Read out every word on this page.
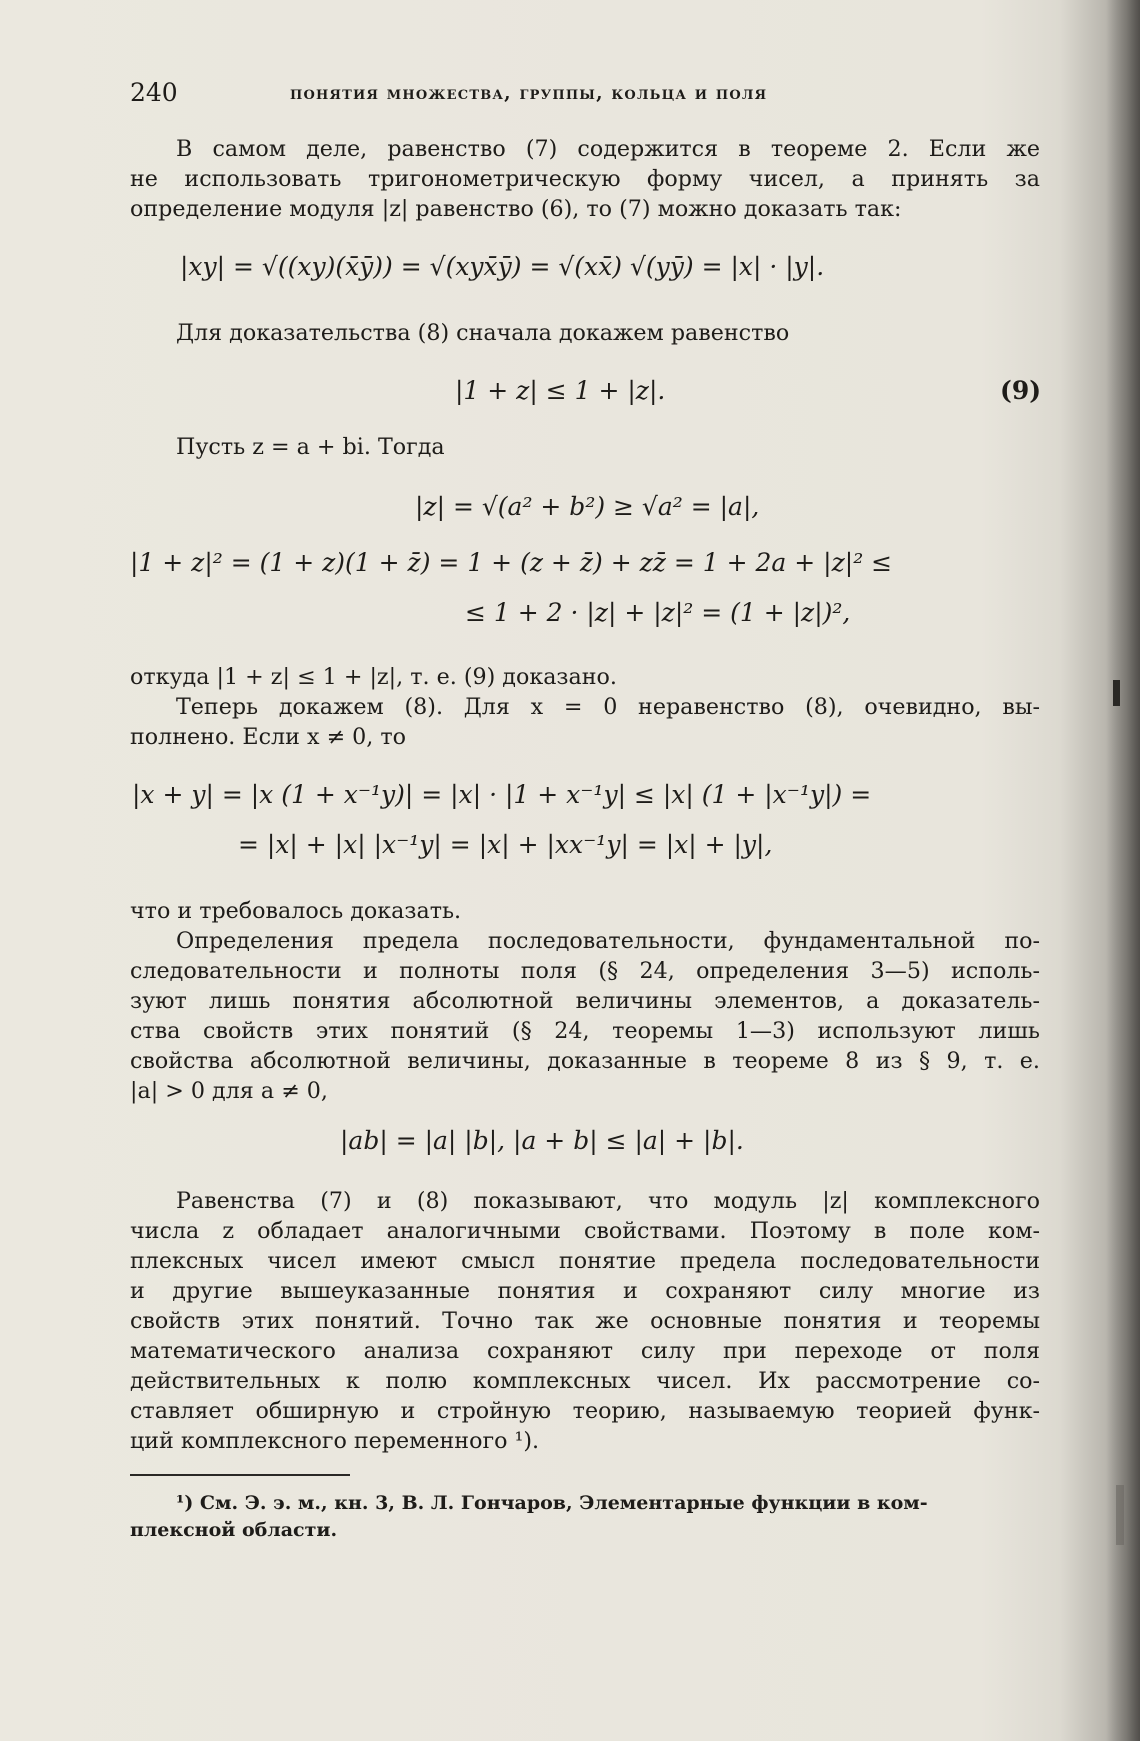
240	понятия множества, группы, кольца и поля
В самом деле, равенство (7) содержится в теореме 2. Если же
не использовать тригонометрическую форму чисел, а принять за
определение модуля |z| равенство (6), то (7) можно доказать так:
|xy| = √((xy)(x̄ȳ)) = √(xyx̄ȳ) = √(xx̄) √(yȳ) = |x| · |y|.
Для доказательства (8) сначала докажем равенство
|1 + z| ≤ 1 + |z|.	(9)
Пусть z = a + bi. Тогда
|z| = √(a² + b²) ≥ √a² = |a|,
|1 + z|² = (1 + z)(1 + z̄) = 1 + (z + z̄) + zz̄ = 1 + 2a + |z|² ≤
≤ 1 + 2 · |z| + |z|² = (1 + |z|)²,
откуда |1 + z| ≤ 1 + |z|, т. е. (9) доказано.
Теперь докажем (8). Для x = 0 неравенство (8), очевидно, вы-
полнено. Если x ≠ 0, то
|x + y| = |x (1 + x⁻¹y)| = |x| · |1 + x⁻¹y| ≤ |x| (1 + |x⁻¹y|) =
= |x| + |x| |x⁻¹y| = |x| + |xx⁻¹y| = |x| + |y|,
что и требовалось доказать.
Определения предела последовательности, фундаментальной по-
следовательности и полноты поля (§ 24, определения 3—5) исполь-
зуют лишь понятия абсолютной величины элементов, а доказатель-
ства свойств этих понятий (§ 24, теоремы 1—3) используют лишь
свойства абсолютной величины, доказанные в теореме 8 из § 9, т. е.
|a| > 0 для a ≠ 0,
|ab| = |a| |b|, |a + b| ≤ |a| + |b|.
Равенства (7) и (8) показывают, что модуль |z| комплексного
числа z обладает аналогичными свойствами. Поэтому в поле ком-
плексных чисел имеют смысл понятие предела последовательности
и другие вышеуказанные понятия и сохраняют силу многие из
свойств этих понятий. Точно так же основные понятия и теоремы
математического анализа сохраняют силу при переходе от поля
действительных к полю комплексных чисел. Их рассмотрение со-
ставляет обширную и стройную теорию, называемую теорией функ-
ций комплексного переменного ¹).
¹) См. Э. э. м., кн. 3, В. Л. Гончаров, Элементарные функции в ком-
плексной области.
